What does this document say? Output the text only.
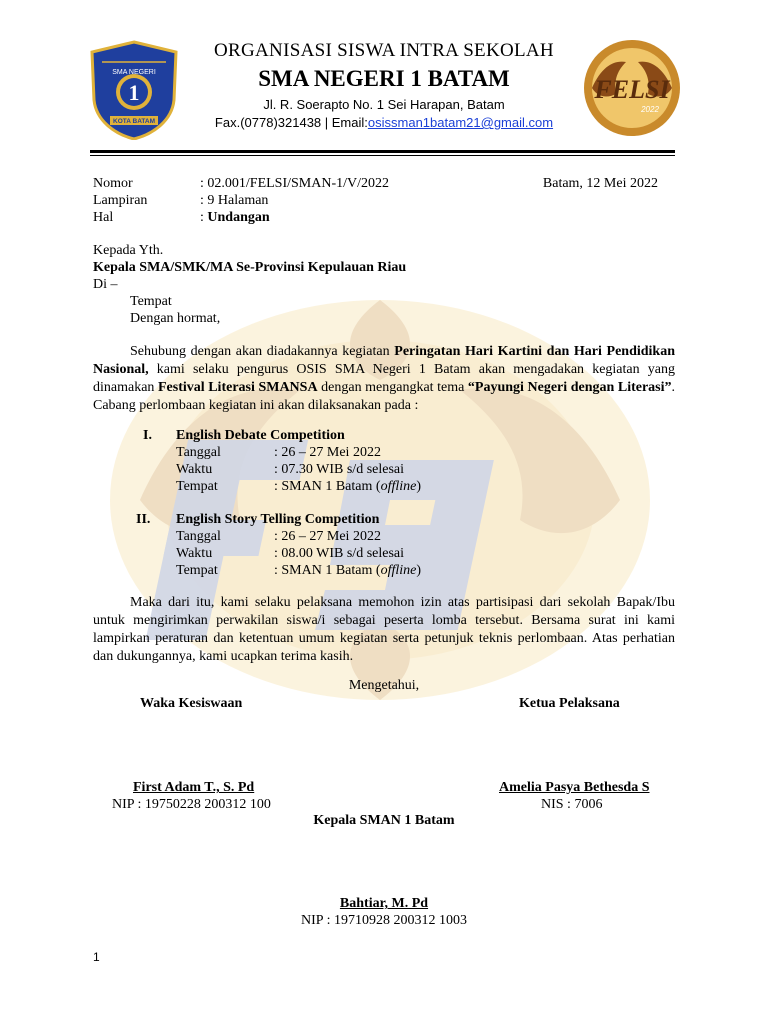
1
SMA NEGERI
KOTA BATAM
FELSI
2022
ORGANISASI SISWA INTRA SEKOLAH
SMA NEGERI 1 BATAM
Jl. R. Soerapto No. 1 Sei Harapan, Batam
Fax.(0778)321438 | Email:osissman1batam21@gmail.com
Nomor	: 02.001/FELSI/SMAN-1/V/2022	Batam, 12 Mei 2022
Lampiran	: 9 Halaman
Hal	: Undangan
Kepada Yth.
Kepala SMA/SMK/MA Se-Provinsi Kepulauan Riau
Di –
Tempat
Dengan hormat,
Sehubung dengan akan diadakannya kegiatan Peringatan Hari Kartini dan Hari Pendidikan Nasional, kami selaku pengurus OSIS SMA Negeri 1 Batam akan mengadakan kegiatan yang dinamakan Festival Literasi SMANSA dengan mengangkat tema “Payungi Negeri dengan Literasi”. Cabang perlombaan kegiatan ini akan dilaksanakan pada :
I. English Debate Competition
Tanggal	: 26 – 27 Mei 2022
Waktu	: 07.30 WIB s/d selesai
Tempat	: SMAN 1 Batam (offline)
II. English Story Telling Competition
Tanggal	: 26 – 27 Mei 2022
Waktu	: 08.00 WIB s/d selesai
Tempat	: SMAN 1 Batam (offline)
Maka dari itu, kami selaku pelaksana memohon izin atas partisipasi dari sekolah Bapak/Ibu untuk mengirimkan perwakilan siswa/i sebagai peserta lomba tersebut. Bersama surat ini kami lampirkan peraturan dan ketentuan umum kegiatan serta petunjuk teknis perlombaan. Atas perhatian dan dukungannya, kami ucapkan terima kasih.
Mengetahui,
Waka Kesiswaan	Ketua Pelaksana
First Adam T., S. Pd
NIP : 19750228 200312 100
Amelia Pasya Bethesda S
NIS : 7006
Kepala SMAN 1 Batam
Bahtiar, M. Pd
NIP : 19710928 200312 1003
1
